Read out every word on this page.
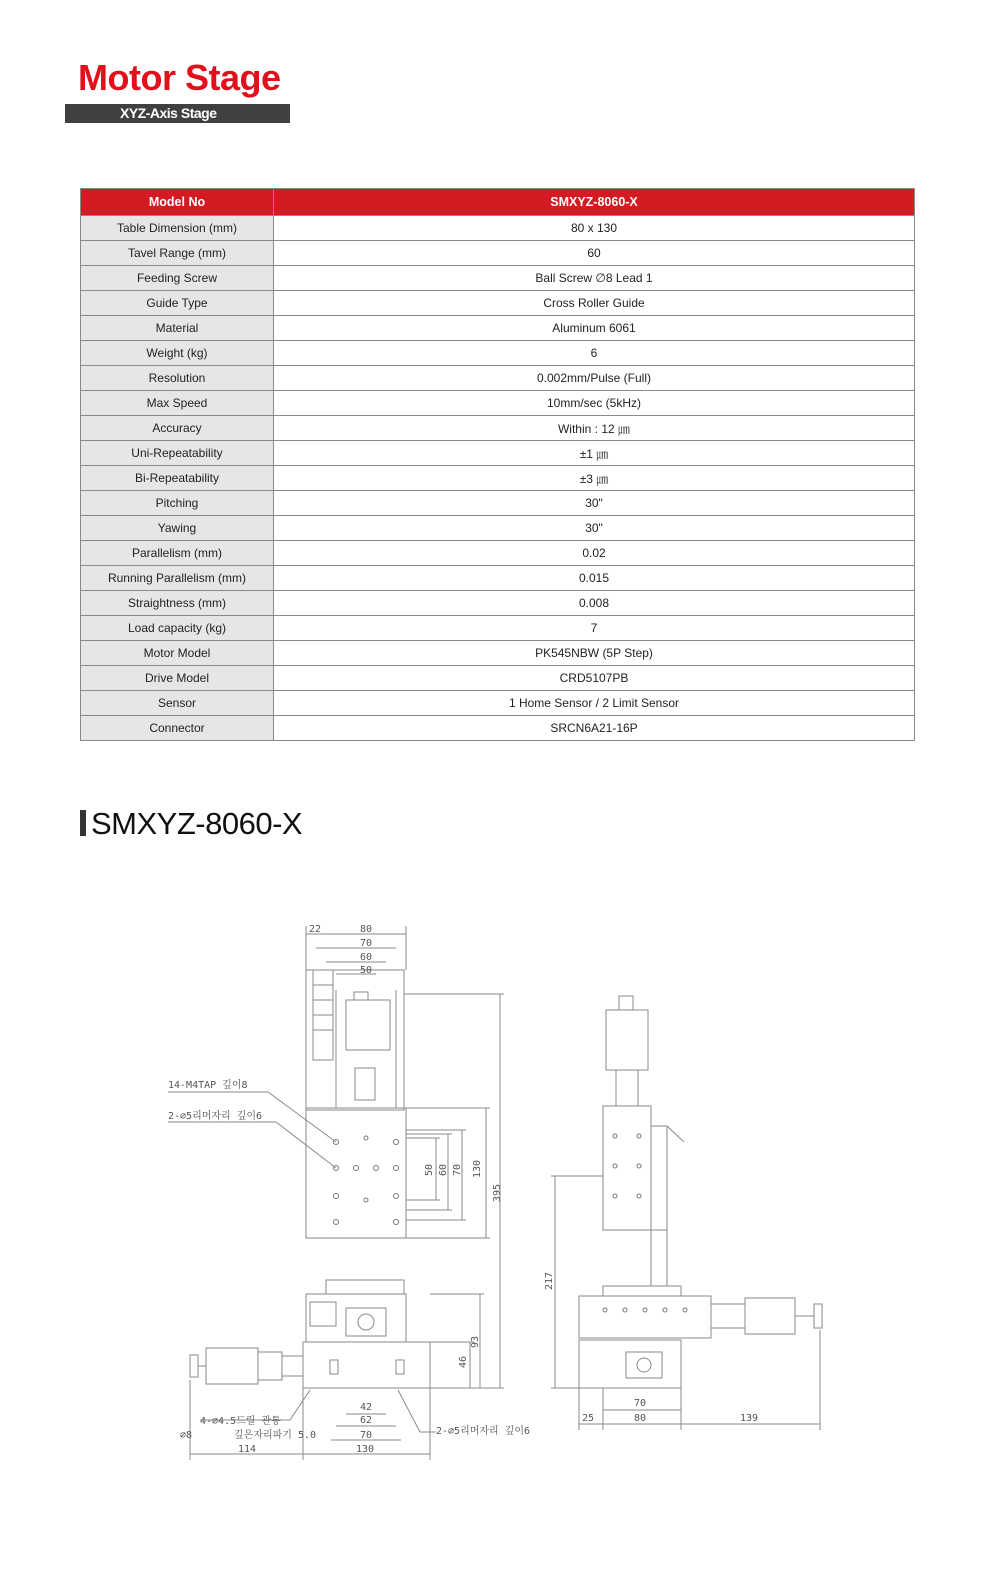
Motor Stage
XYZ-Axis Stage
Model No	SMXYZ-8060-X
Table Dimension (mm)	80 x 130
Tavel Range (mm)	60
Feeding Screw	Ball Screw ∅8 Lead 1
Guide Type	Cross Roller Guide
Material	Aluminum 6061
Weight (kg)	6
Resolution	0.002mm/Pulse (Full)
Max Speed	10mm/sec (5kHz)
Accuracy	Within : 12 ㎛
Uni-Repeatability	±1 ㎛
Bi-Repeatability	±3 ㎛
Pitching	30"
Yawing	30"
Parallelism (mm)	0.02
Running Parallelism (mm)	0.015
Straightness (mm)	0.008
Load capacity (kg)	7
Motor Model	PK545NBW (5P Step)
Drive Model	CRD5107PB
Sensor	1 Home Sensor / 2 Limit Sensor
Connector	SRCN6A21-16P
SMXYZ-8060-X
22	80
70
60
50
50 60 70 130
395
93
46
42
62
70
114	130
217
70
25	80	139
14-M4TAP 깊이8
2-∅5리머자리 깊이6
4-∅4.5드릴 관통
∅8	깊은자리파기 5.0	2-∅5리머자리 깊이6
